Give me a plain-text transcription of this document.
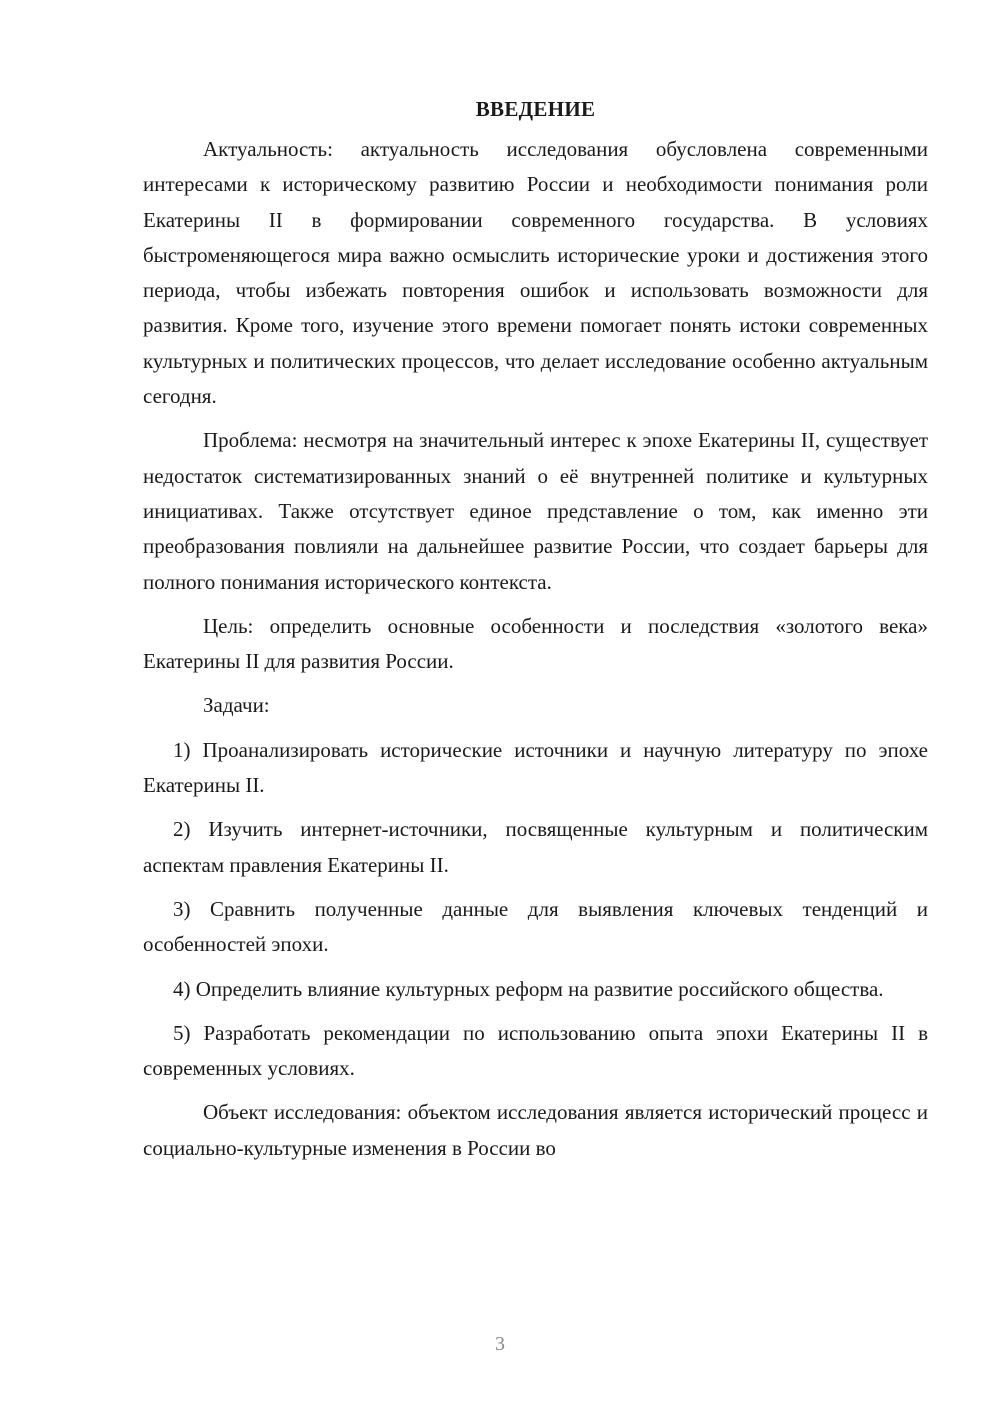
ВВЕДЕНИЕ

Актуальность: актуальность исследования обусловлена современными интересами к историческому развитию России и необходимости понимания роли Екатерины II в формировании современного государства. В условиях быстроменяющегося мира важно осмыслить исторические уроки и достижения этого периода, чтобы избежать повторения ошибок и использовать возможности для развития. Кроме того, изучение этого времени помогает понять истоки современных культурных и политических процессов, что делает исследование особенно актуальным сегодня.

Проблема: несмотря на значительный интерес к эпохе Екатерины II, существует недостаток систематизированных знаний о её внутренней политике и культурных инициативах. Также отсутствует единое представление о том, как именно эти преобразования повлияли на дальнейшее развитие России, что создает барьеры для полного понимания исторического контекста.

Цель: определить основные особенности и последствия «золотого века» Екатерины II для развития России.

Задачи:

1) Проанализировать исторические источники и научную литературу по эпохе Екатерины II.

2) Изучить интернет-источники, посвященные культурным и политическим аспектам правления Екатерины II.

3) Сравнить полученные данные для выявления ключевых тенденций и особенностей эпохи.

4) Определить влияние культурных реформ на развитие российского общества.

5) Разработать рекомендации по использованию опыта эпохи Екатерины II в современных условиях.

Объект исследования: объектом исследования является исторический процесс и социально-культурные изменения в России во

3
